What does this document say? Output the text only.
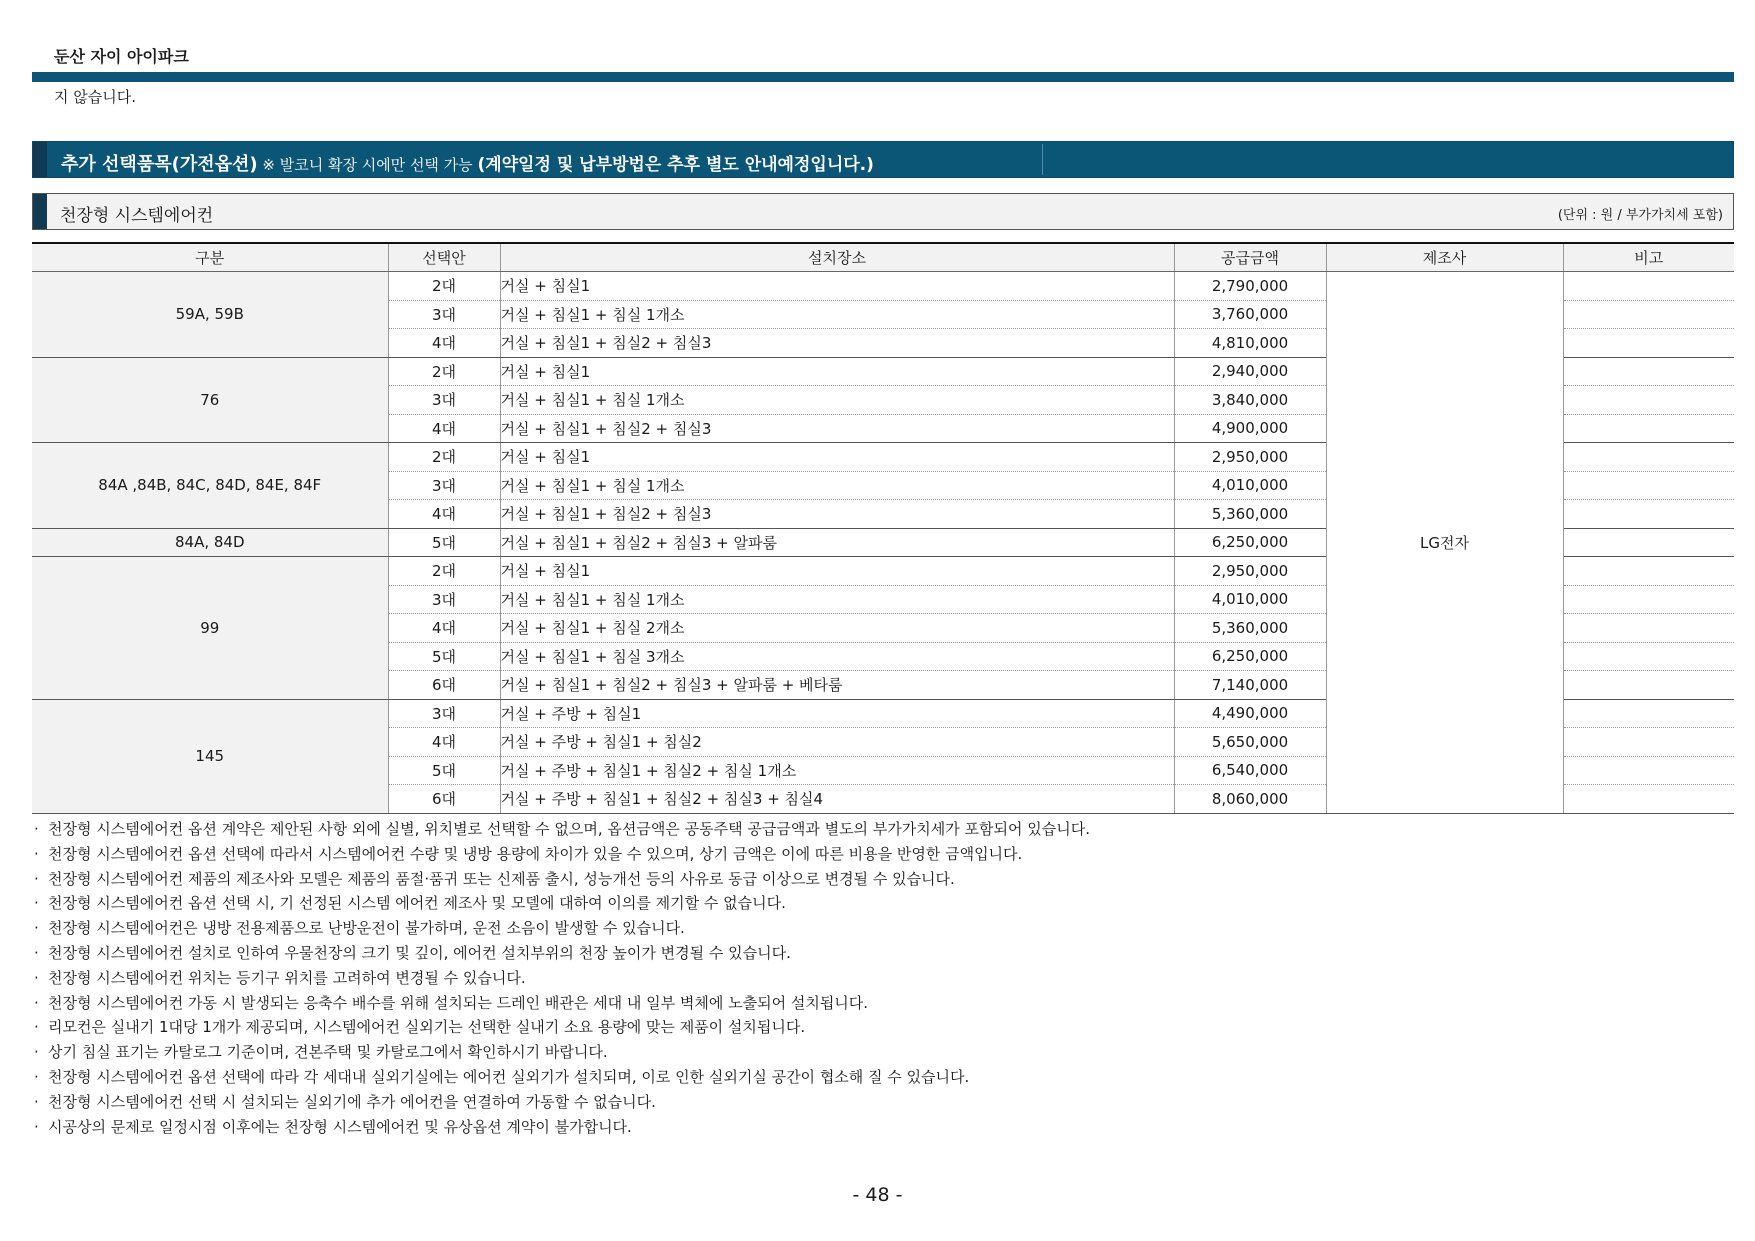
둔산 자이 아이파크
지 않습니다.
추가 선택품목(가전옵션) ※ 발코니 확장 시에만 선택 가능 (계약일정 및 납부방법은 추후 별도 안내예정입니다.)
천장형 시스템에어컨	(단위 : 원 / 부가가치세 포함)
구분	선택안	설치장소	공급금액	제조사	비고
59A, 59B	2대	거실 + 침실1	2,790,000	LG전자	
	3대	거실 + 침실1 + 침실 1개소	3,760,000		
	4대	거실 + 침실1 + 침실2 + 침실3	4,810,000		
76	2대	거실 + 침실1	2,940,000		
	3대	거실 + 침실1 + 침실 1개소	3,840,000		
	4대	거실 + 침실1 + 침실2 + 침실3	4,900,000		
84A ,84B, 84C, 84D, 84E, 84F	2대	거실 + 침실1	2,950,000		
	3대	거실 + 침실1 + 침실 1개소	4,010,000		
	4대	거실 + 침실1 + 침실2 + 침실3	5,360,000		
84A, 84D	5대	거실 + 침실1 + 침실2 + 침실3 + 알파룸	6,250,000		
99	2대	거실 + 침실1	2,950,000		
	3대	거실 + 침실1 + 침실 1개소	4,010,000		
	4대	거실 + 침실1 + 침실 2개소	5,360,000		
	5대	거실 + 침실1 + 침실 3개소	6,250,000		
	6대	거실 + 침실1 + 침실2 + 침실3 + 알파룸 + 베타룸	7,140,000		
145	3대	거실 + 주방 + 침실1	4,490,000		
	4대	거실 + 주방 + 침실1 + 침실2	5,650,000		
	5대	거실 + 주방 + 침실1 + 침실2 + 침실 1개소	6,540,000		
	6대	거실 + 주방 + 침실1 + 침실2 + 침실3 + 침실4	8,060,000		
· 천장형 시스템에어컨 옵션 계약은 제안된 사항 외에 실별, 위치별로 선택할 수 없으며, 옵션금액은 공동주택 공급금액과 별도의 부가가치세가 포함되어 있습니다.
· 천장형 시스템에어컨 옵션 선택에 따라서 시스템에어컨 수량 및 냉방 용량에 차이가 있을 수 있으며, 상기 금액은 이에 따른 비용을 반영한 금액입니다.
· 천장형 시스템에어컨 제품의 제조사와 모델은 제품의 품절·품귀 또는 신제품 출시, 성능개선 등의 사유로 동급 이상으로 변경될 수 있습니다.
· 천장형 시스템에어컨 옵션 선택 시, 기 선정된 시스템 에어컨 제조사 및 모델에 대하여 이의를 제기할 수 없습니다.
· 천장형 시스템에어컨은 냉방 전용제품으로 난방운전이 불가하며, 운전 소음이 발생할 수 있습니다.
· 천장형 시스템에어컨 설치로 인하여 우물천장의 크기 및 깊이, 에어컨 설치부위의 천장 높이가 변경될 수 있습니다.
· 천장형 시스템에어컨 위치는 등기구 위치를 고려하여 변경될 수 있습니다.
· 천장형 시스템에어컨 가동 시 발생되는 응축수 배수를 위해 설치되는 드레인 배관은 세대 내 일부 벽체에 노출되어 설치됩니다.
· 리모컨은 실내기 1대당 1개가 제공되며, 시스템에어컨 실외기는 선택한 실내기 소요 용량에 맞는 제품이 설치됩니다.
· 상기 침실 표기는 카탈로그 기준이며, 견본주택 및 카탈로그에서 확인하시기 바랍니다.
· 천장형 시스템에어컨 옵션 선택에 따라 각 세대내 실외기실에는 에어컨 실외기가 설치되며, 이로 인한 실외기실 공간이 협소해 질 수 있습니다.
· 천장형 시스템에어컨 선택 시 설치되는 실외기에 추가 에어컨을 연결하여 가동할 수 없습니다.
· 시공상의 문제로 일정시점 이후에는 천장형 시스템에어컨 및 유상옵션 계약이 불가합니다.
- 48 -
